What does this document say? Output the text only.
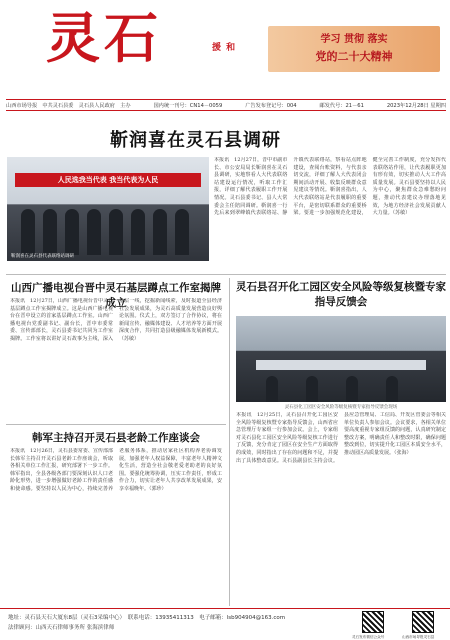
灵石	援 和
学习 贯彻 落实
党的二十大精神
山西市场导报　中共灵石县委　灵石县人民政府　主办	国内统一刊号：CN14－0059	广告发布登记号：004	邮发代号：21－61	2023年12月28日 星期四
靳润喜在灵石县调研
人民选我当代表 我当代表为人民
靳润喜在灵石县代表联络站调研
本报讯　12月27日，晋中市副市长、市公安局局长靳润喜在灵石县调研，实地察看人大代表联络站建设运行情况，听取工作汇报，详细了解代表履职工作开展情况。灵石县委书记、县人大常委会主任陪同调研。靳润喜一行先后来到翠峰镇代表联络站、静升镇代表联络站，察看站点阵地建设，查阅台账资料，与代表亲切交流，详细了解人大代表闭会期间活动开展、收集反映群众意见建议等情况。靳润喜指出，人大代表联络站是代表履职的重要平台，是密切联系群众的重要桥梁。要进一步加强规范化建设，健全完善工作制度，充分发挥代表联络站作用，让代表履职更加有形有效，切实推动人大工作高质量发展。灵石县要坚持以人民为中心，聚焦群众急难愁盼问题，推动代表建议办理落地见效，为地方经济社会发展贡献人大力量。（苏敏）
山西广播电视台晋中灵石基层蹲点工作室揭牌成立
本报讯　12月27日，山西广播电视台晋中灵石基层蹲点工作室揭牌成立。这是山西广播电视台在晋中设立的首家基层蹲点工作室。山西广播电视台党委副书记、副台长，晋中市委常委、宣传部部长，灵石县委书记共同为工作室揭牌。工作室将以讲好灵石故事为主线，深入基层一线，挖掘新闻线索，及时报道全县经济社会发展成果，为灵石高质量发展营造良好舆论氛围。仪式上，双方签订了合作协议，将在新闻宣传、融媒体建设、人才培养等方面开展深度合作，共同打造县级融媒体发展新模式。（苏敏）
灵石县召开化工园区安全风险等级复核暨专家指导反馈会
灵石县化工园区安全风险等级复核暨专家指导反馈会现场
本报讯　12月25日，灵石县召开化工园区安全风险等级复核暨专家指导反馈会，山西省应急管理厅专家组一行参加会议。会上，专家组对灵石县化工园区安全风险等级复核工作进行了反馈，充分肯定了园区在安全生产方面取得的成效，同时指出了存在的问题和不足，并提出了具体整改意见。灵石县副县长主持会议。县应急管理局、工信局、开发区管委会等相关单位负责人参加会议。会议要求，各相关单位要高度重视专家组反馈的问题，认真研究制定整改方案，明确责任人和整改时限，确保问题整改到位，切实提升化工园区本质安全水平，推动园区高质量发展。（张海）
韩军主持召开灵石县老龄工作座谈会
本报讯　12月26日，灵石县委常委、宣传部部长韩军主持召开灵石县老龄工作座谈会，听取各相关单位工作汇报，研究部署下一步工作。韩军指出，全县各级各部门要深刻认识人口老龄化形势，进一步增强做好老龄工作的责任感和使命感。要坚持以人民为中心，持续完善养老服务体系，推动居家社区机构养老协调发展，加强老年人权益保障，丰富老年人精神文化生活，营造全社会敬老爱老助老的良好氛围。要强化统筹协调，压实工作责任，形成工作合力，切实让老年人共享改革发展成果，安享幸福晚年。（郭珍）
地址：灵石县天石大厦东8层（灵石3采编中心）　联系电话：13935411313　电子邮箱：lsb904904@163.com
法律顾问：山西天石律师事务所 张海滨律师
灵石发布微信公众号	山西市场导报灵石县
